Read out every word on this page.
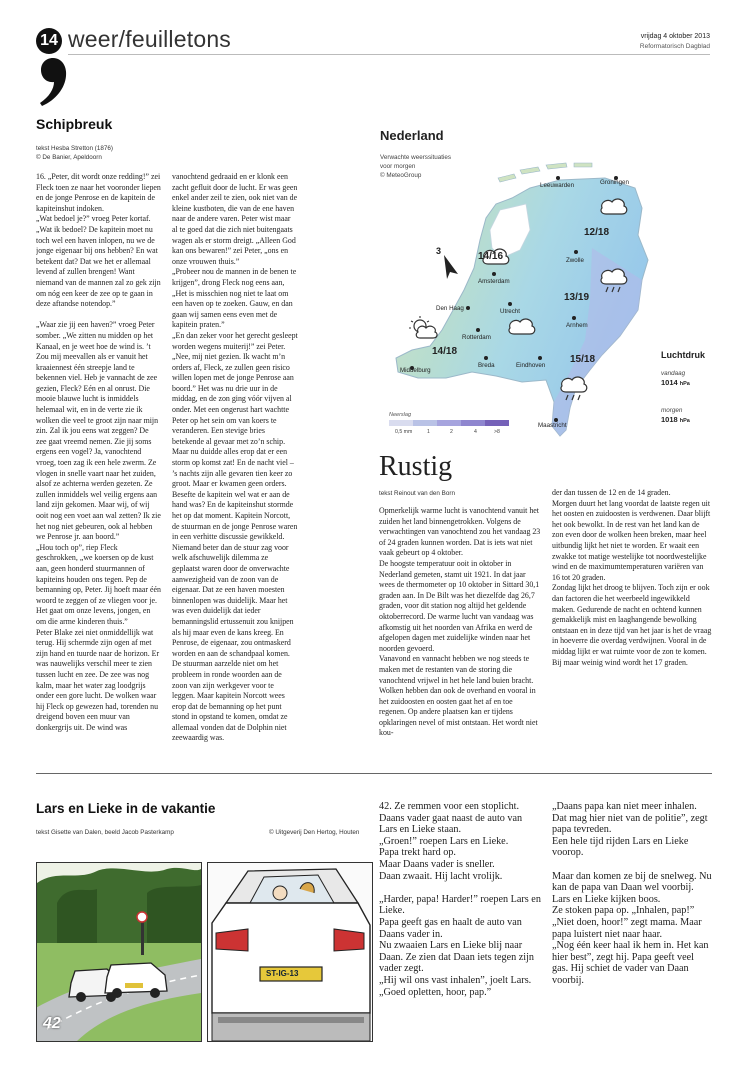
14 weer/feuilletons	vrijdag 4 oktober 2013
Reformatorisch Dagblad
Schipbreuk
tekst Hesba Stretton (1876)
© De Banier, Apeldoorn
16. „Peter, dit wordt onze redding!” zei Fleck toen ze naar het vooronder liepen en de jonge Penrose en de kapitein de kapiteinshut indoken.
„Wat bedoel je?” vroeg Peter kortaf. „Wat ik bedoel? De kapitein moet nu toch wel een haven inlopen, nu we de jonge eigenaar bij ons hebben? En wat betekent dat? Dat we het er allemaal levend af zullen brengen! Want niemand van de mannen zal zo gek zijn om nóg een keer de zee op te gaan in deze aftandse notendop.”

„Waar zie jij een haven?” vroeg Peter somber. „We zitten nu midden op het Kanaal, en je weet hoe de wind is. ’t Zou mij meevallen als er vanuit het kraaiennest één streepje land te bekennen viel. Heb je vannacht de zee gezien, Fleck? Eén en al onrust. Die mooie blauwe lucht is inmiddels helemaal wit, en in de verte zie ik wolken die veel te groot zijn naar mijn zin. Zal ik jou eens wat zeggen? De zee gaat vreemd nemen. Zie jij soms ergens een vogel? Ja, vanochtend vroeg, toen zag ik een hele zwerm. Ze vlogen in snelle vaart naar het zuiden, alsof ze achterna werden gezeten. Ze zullen inmiddels wel veilig ergens aan land zijn gekomen. Maar wij, of wij ooit nog een voet aan wal zetten? Ik zie het nog niet gebeuren, ook al hebben we Penrose jr. aan boord.”
„Hou toch op”, riep Fleck geschrokken, „we koersen op de kust aan, geen honderd stuurmannen of kapiteins houden ons tegen. Pep de bemanning op, Peter. Jij hoeft maar één woord te zeggen of ze vliegen voor je. Het gaat om onze levens, jongen, en om die arme kinderen thuis.”
Peter Blake zei niet onmiddellijk wat terug. Hij schermde zijn ogen af met zijn hand en tuurde naar de horizon. Er was nauwelijks verschil meer te zien tussen lucht en zee. De zee was nog kalm, maar het water zag loodgrijs onder een gore lucht. De wolken waar hij Fleck op gewezen had, torenden nu dreigend boven een muur van donkergrijs uit. De wind was
vanochtend gedraaid en er klonk een zacht gefluit door de lucht. Er was geen enkel ander zeil te zien, ook niet van de kleine kustboten, die van de ene haven naar de andere varen. Peter wist maar al te goed dat die zich niet buitengaats wagen als er storm dreigt. „Alleen God kan ons bewaren!” zei Peter, „ons en onze vrouwen thuis.”
„Probeer nou de mannen in de benen te krijgen”, drong Fleck nog eens aan, „Het is misschien nog niet te laat om een haven op te zoeken. Gauw, en dan gaan wij samen eens even met de kapitein praten.”
„En dan zeker voor het gerecht gesleept worden wegens muiterij!” zei Peter. „Nee, mij niet gezien. Ik wacht m’n orders af, Fleck, ze zullen geen risico willen lopen met de jonge Penrose aan boord.” Het was nu drie uur in de middag, en de zon ging vóór vijven al onder. Met een ongerust hart wachtte Peter op het sein om van koers te veranderen. Een stevige bries betekende al gevaar met zo’n schip. Maar nu duidde alles erop dat er een storm op komst zat! En de nacht viel – ’s nachts zijn alle gevaren tien keer zo groot. Maar er kwamen geen orders. Besefte de kapitein wel wat er aan de hand was? En de kapiteinshut stormde het op dat moment. Kapitein Norcott, de stuurman en de jonge Penrose waren in een verhitte discussie gewikkeld. Niemand beter dan de stuur zag voor welk afschuwelijk dilemma ze geplaatst waren door de onverwachte aanwezigheid van de zoon van de eigenaar. Dat ze een haven moesten binnenlopen was duidelijk. Maar het was even duidelijk dat ieder bemanningslid ertussenuit zou knijpen als hij maar even de kans kreeg. En Penrose, de eigenaar, zou ontmaskerd worden en aan de schandpaal komen. De stuurman aarzelde niet om het probleem in ronde woorden aan de zoon van zijn werkgever voor te leggen. Maar kapitein Norcott wees erop dat de bemanning op het punt stond in opstand te komen, omdat ze allemaal vonden dat de Dolphin niet zeewaardig was.
Nederland
Verwachte weerssituaties
voor morgen
© MeteoGroup
12/18
14/16
13/19
14/18
15/18
3
Leeuwarden	Groningen
Zwolle
Amsterdam
Den Haag	Utrecht
Rotterdam
Arnhem
Middelburg
Breda	Eindhoven
Maastricht
Neerslag
0,5 mm	1	2	4	>8
Luchtdruk
vandaag
1014 hPa
morgen
1018 hPa
Rustig
tekst Reinout van den Born
Opmerkelijk warme lucht is vanochtend vanuit het zuiden het land binnengetrokken. Volgens de verwachtingen van vanochtend zou het vandaag 23 of 24 graden kunnen worden. Dat is iets wat niet vaak gebeurt op 4 oktober.
De hoogste temperatuur ooit in oktober in Nederland gemeten, stamt uit 1921. In dat jaar wees de thermometer op 10 oktober in Sittard 30,1 graden aan. In De Bilt was het diezelfde dag 26,7 graden, voor dit station nog altijd het geldende oktoberrecord. De warme lucht van vandaag was afkomstig uit het noorden van Afrika en werd de afgelopen dagen met zuidelijke winden naar het noorden gevoerd.
Vanavond en vannacht hebben we nog steeds te maken met de restanten van de storing die vanochtend vrijwel in het hele land buien bracht. Wolken hebben dan ook de overhand en vooral in het zuidoosten en oosten gaat het af en toe regenen. Op andere plaatsen kan er tijdens opklaringen nevel of mist ontstaan. Het wordt niet kou-
der dan tussen de 12 en de 14 graden.
Morgen duurt het lang voordat de laatste regen uit het oosten en zuidoosten is verdwenen. Daar blijft het ook bewolkt. In de rest van het land kan de zon even door de wolken heen breken, maar heel uitbundig lijkt het niet te worden. Er waait een zwakke tot matige westelijke tot noordwestelijke wind en de maximumtemperaturen variëren van 16 tot 20 graden.
Zondag lijkt het droog te blijven. Toch zijn er ook dan factoren die het weerbeeld ingewikkeld maken. Gedurende de nacht en ochtend kunnen gemakkelijk mist en laaghangende bewolking ontstaan en in deze tijd van het jaar is het de vraag in hoeverre die overdag verdwijnen. Vooral in de middag lijkt er wat ruimte voor de zon te komen. Bij maar weinig wind wordt het 17 graden.
Lars en Lieke in de vakantie
tekst Gisette van Dalen, beeld Jacob Pasterkamp	© Uitgeverij Den Hertog, Houten
42
ST-IG-13
42. Ze remmen voor een stoplicht.
Daans vader gaat naast de auto van Lars en Lieke staan.
„Groen!” roepen Lars en Lieke.
Papa trekt hard op.
Maar Daans vader is sneller.
Daan zwaait. Hij lacht vrolijk.

„Harder, papa! Harder!” roepen Lars en Lieke.
Papa geeft gas en haalt de auto van Daans vader in.
Nu zwaaien Lars en Lieke blij naar Daan. Ze zien dat Daan iets tegen zijn vader zegt.
„Hij wil ons vast inhalen”, joelt Lars. „Goed opletten, hoor, pap.”
„Daans papa kan niet meer inhalen. Dat mag hier niet van de politie”, zegt papa tevreden.
Een hele tijd rijden Lars en Lieke voorop.

Maar dan komen ze bij de snelweg. Nu kan de papa van Daan wel voorbij. Lars en Lieke kijken boos.
Ze stoken papa op. „Inhalen, pap!”
„Niet doen, hoor!” zegt mama. Maar papa luistert niet naar haar.
„Nog één keer haal ik hem in. Het kan hier best”, zegt hij. Papa geeft veel gas. Hij schiet de vader van Daan voorbij.
